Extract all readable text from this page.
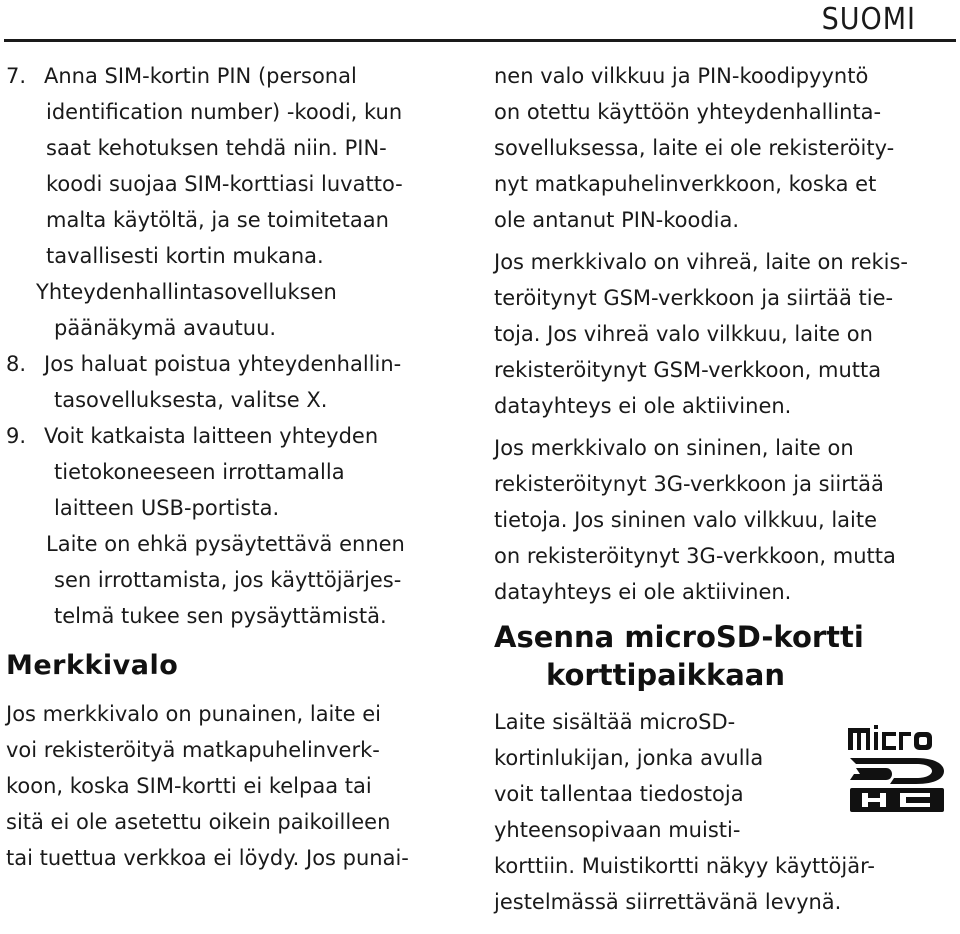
SUOMI
7. Anna SIM-kortin PIN (personal
identification number) -koodi, kun
saat kehotuksen tehdä niin. PIN-
koodi suojaa SIM-korttiasi luvatto-
malta käytöltä, ja se toimitetaan
tavallisesti kortin mukana.
Yhteydenhallintasovelluksen
päänäkymä avautuu.
8. Jos haluat poistua yhteydenhallin-
tasovelluksesta, valitse X.
9. Voit katkaista laitteen yhteyden
tietokoneeseen irrottamalla
laitteen USB-portista.
Laite on ehkä pysäytettävä ennen
sen irrottamista, jos käyttöjärjes-
telmä tukee sen pysäyttämistä.
Merkkivalo
Jos merkkivalo on punainen, laite ei
voi rekisteröityä matkapuhelinverk-
koon, koska SIM-kortti ei kelpaa tai
sitä ei ole asetettu oikein paikoilleen
tai tuettua verkkoa ei löydy. Jos punai-
nen valo vilkkuu ja PIN-koodipyyntö
on otettu käyttöön yhteydenhallinta-
sovelluksessa, laite ei ole rekisteröity-
nyt matkapuhelinverkkoon, koska et
ole antanut PIN-koodia.
Jos merkkivalo on vihreä, laite on rekis-
teröitynyt GSM-verkkoon ja siirtää tie-
toja. Jos vihreä valo vilkkuu, laite on
rekisteröitynyt GSM-verkkoon, mutta
datayhteys ei ole aktiivinen.
Jos merkkivalo on sininen, laite on
rekisteröitynyt 3G-verkkoon ja siirtää
tietoja. Jos sininen valo vilkkuu, laite
on rekisteröitynyt 3G-verkkoon, mutta
datayhteys ei ole aktiivinen.
Asenna microSD-kortti
korttipaikkaan
Laite sisältää microSD-
kortinlukijan, jonka avulla
voit tallentaa tiedostoja
yhteensopivaan muisti-
korttiin. Muistikortti näkyy käyttöjär-
jestelmässä siirrettävänä levynä.
